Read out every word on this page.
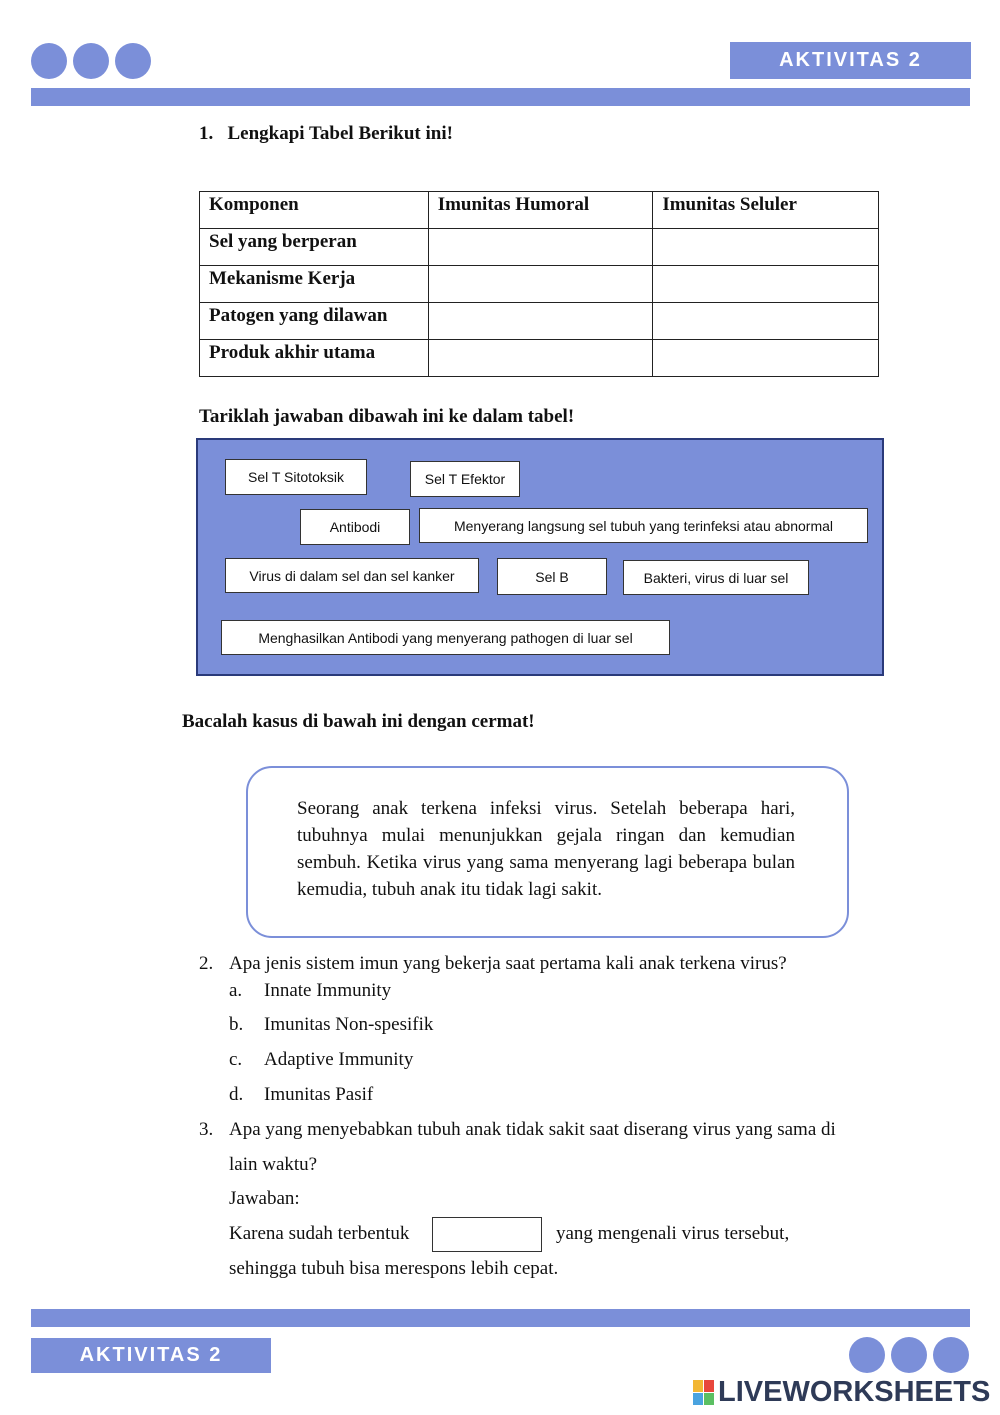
AKTIVITAS 2
1. Lengkapi Tabel Berikut ini!
Komponen	Imunitas Humoral	Imunitas Seluler
Sel yang berperan		
Mekanisme Kerja		
Patogen yang dilawan		
Produk akhir utama		
Tariklah jawaban dibawah ini ke dalam tabel!
Sel T Sitotoksik	Sel T Efektor
Antibodi	Menyerang langsung sel tubuh yang terinfeksi atau abnormal
Virus di dalam sel dan sel kanker	Sel B	Bakteri, virus di luar sel
Menghasilkan Antibodi yang menyerang pathogen di luar sel
Bacalah kasus di bawah ini dengan cermat!
Seorang anak terkena infeksi virus. Setelah beberapa hari, tubuhnya mulai menunjukkan gejala ringan dan kemudian sembuh. Ketika virus yang sama menyerang lagi beberapa bulan kemudia, tubuh anak itu tidak lagi sakit.
2. Apa jenis sistem imun yang bekerja saat pertama kali anak terkena virus?
a. Innate Immunity
b. Imunitas Non-spesifik
c. Adaptive Immunity
d. Imunitas Pasif
3. Apa yang menyebabkan tubuh anak tidak sakit saat diserang virus yang sama di
lain waktu?
Jawaban:
Karena sudah terbentuk	yang mengenali virus tersebut,
sehingga tubuh bisa merespons lebih cepat.
AKTIVITAS 2
LIVEWORKSHEETS
